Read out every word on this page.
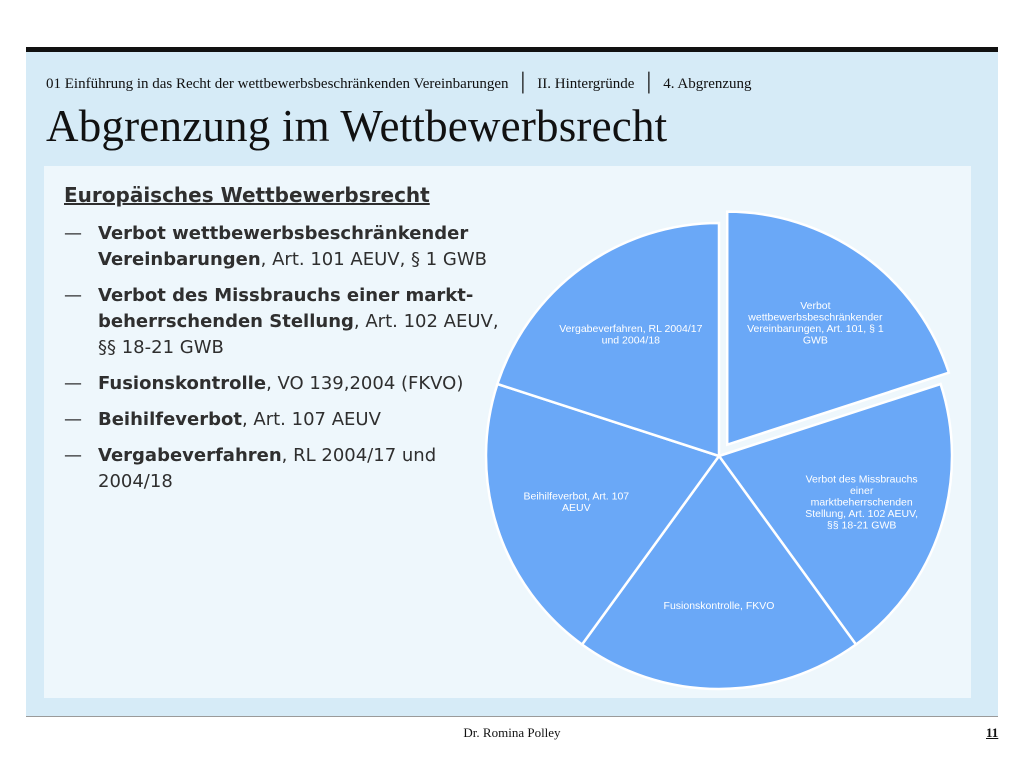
01 Einführung in das Recht der wettbewerbsbeschränkenden Vereinbarungen │ II. Hintergründe │ 4. Abgrenzung
Abgrenzung im Wettbewerbsrecht
Europäisches Wettbewerbsrecht
— Verbot wettbewerbsbeschränkender Vereinbarungen, Art. 101 AEUV, § 1 GWB
— Verbot des Missbrauchs einer markt-beherrschenden Stellung, Art. 102 AEUV, §§ 18-21 GWB
— Fusionskontrolle, VO 139,2004 (FKVO)
— Beihilfeverbot, Art. 107 AEUV
— Vergabeverfahren, RL 2004/17 und 2004/18
Verbot wettbewerbsbeschränkender Vereinbarungen, Art. 101, § 1 GWB
Verbot des Missbrauchs einer marktbeherrschenden Stellung, Art. 102 AEUV, §§ 18-21 GWB
Fusionskontrolle, FKVO
Beihilfeverbot, Art. 107 AEUV
Vergabeverfahren, RL 2004/17 und 2004/18
Dr. Romina Polley	11
